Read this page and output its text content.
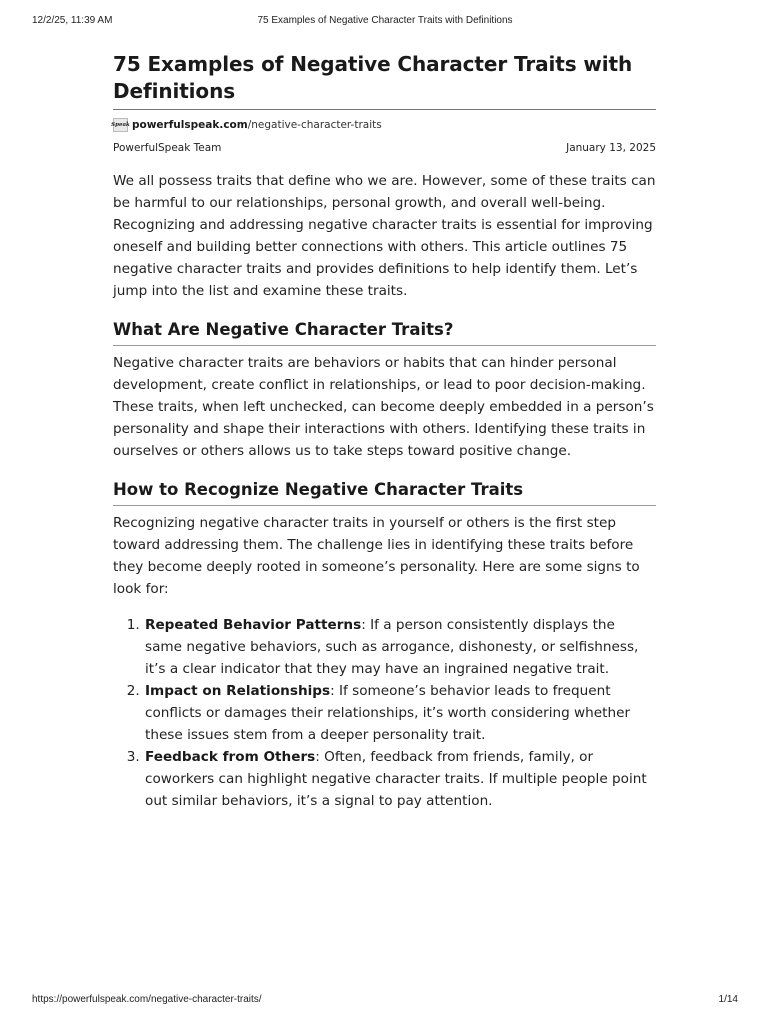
12/2/25, 11:39 AM	75 Examples of Negative Character Traits with Definitions
75 Examples of Negative Character Traits with Definitions
Speak powerfulspeak.com /negative-character-traits
PowerfulSpeak Team	January 13, 2025

We all possess traits that define who we are. However, some of these traits can be harmful to our relationships, personal growth, and overall well-being. Recognizing and addressing negative character traits is essential for improving oneself and building better connections with others. This article outlines 75 negative character traits and provides definitions to help identify them. Let’s jump into the list and examine these traits.

What Are Negative Character Traits?

Negative character traits are behaviors or habits that can hinder personal development, create conflict in relationships, or lead to poor decision-making. These traits, when left unchecked, can become deeply embedded in a person’s personality and shape their interactions with others. Identifying these traits in ourselves or others allows us to take steps toward positive change.

How to Recognize Negative Character Traits

Recognizing negative character traits in yourself or others is the first step toward addressing them. The challenge lies in identifying these traits before they become deeply rooted in someone’s personality. Here are some signs to look for:

1. Repeated Behavior Patterns: If a person consistently displays the same negative behaviors, such as arrogance, dishonesty, or selfishness, it’s a clear indicator that they may have an ingrained negative trait.
2. Impact on Relationships: If someone’s behavior leads to frequent conflicts or damages their relationships, it’s worth considering whether these issues stem from a deeper personality trait.
3. Feedback from Others: Often, feedback from friends, family, or coworkers can highlight negative character traits. If multiple people point out similar behaviors, it’s a signal to pay attention.
https://powerfulspeak.com/negative-character-traits/	1/14
